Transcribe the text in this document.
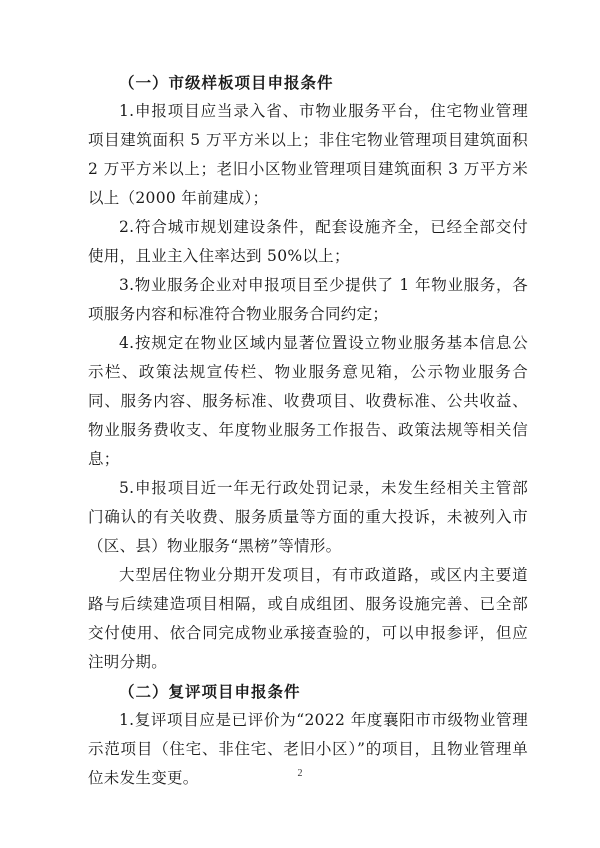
（一）市级样板项目申报条件

1.申报项目应当录入省、市物业服务平台，住宅物业管理项目建筑面积 5 万平方米以上；非住宅物业管理项目建筑面积 2 万平方米以上；老旧小区物业管理项目建筑面积 3 万平方米以上（2000 年前建成）；

2.符合城市规划建设条件，配套设施齐全，已经全部交付使用，且业主入住率达到 50%以上；

3.物业服务企业对申报项目至少提供了 1 年物业服务，各项服务内容和标准符合物业服务合同约定；

4.按规定在物业区域内显著位置设立物业服务基本信息公示栏、政策法规宣传栏、物业服务意见箱，公示物业服务合同、服务内容、服务标准、收费项目、收费标准、公共收益、物业服务费收支、年度物业服务工作报告、政策法规等相关信息；

5.申报项目近一年无行政处罚记录，未发生经相关主管部门确认的有关收费、服务质量等方面的重大投诉，未被列入市（区、县）物业服务“黑榜”等情形。

大型居住物业分期开发项目，有市政道路，或区内主要道路与后续建造项目相隔，或自成组团、服务设施完善、已全部交付使用、依合同完成物业承接查验的，可以申报参评，但应注明分期。

（二）复评项目申报条件

1.复评项目应是已评价为“2022 年度襄阳市市级物业管理示范项目（住宅、非住宅、老旧小区）”的项目，且物业管理单位未发生变更。	2
